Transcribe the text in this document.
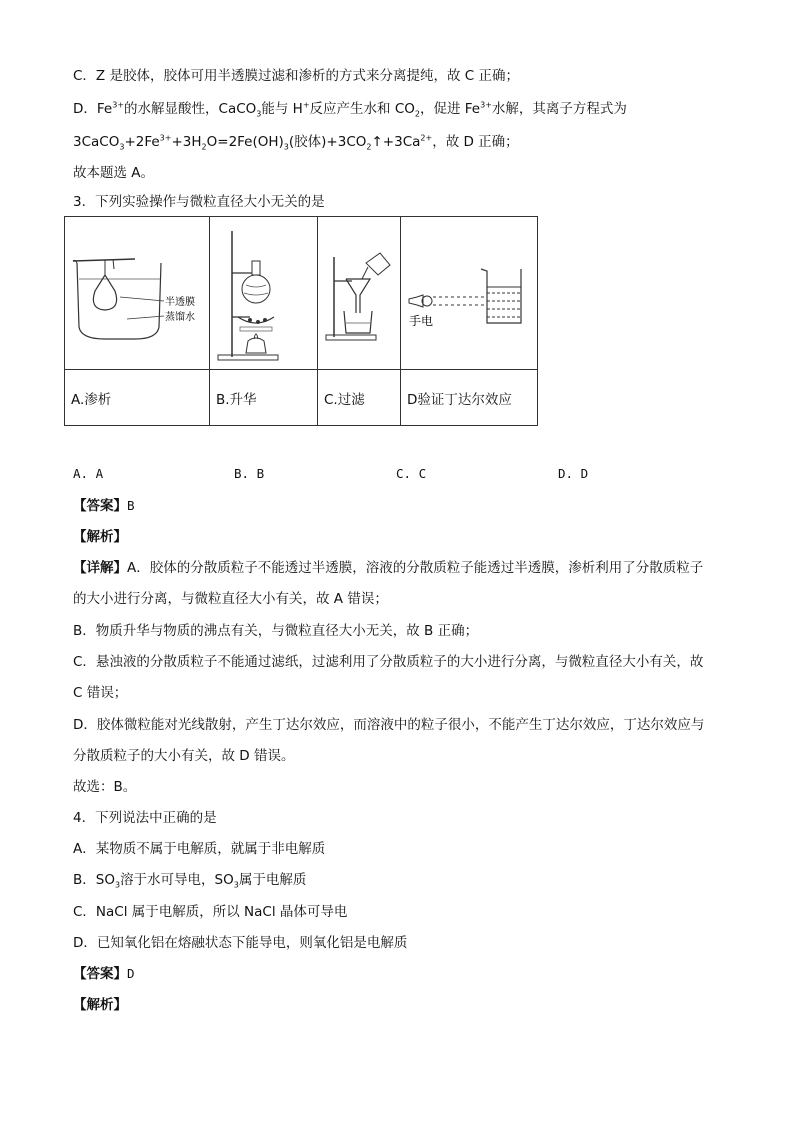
C．Z 是胶体，胶体可用半透膜过滤和渗析的方式来分离提纯，故 C 正确；
D．$Fe^{3+}$的水解显酸性，CaCO$_3$能与 H+反应产生水和 $CO_2$，促进 $Fe^{3+}$水解，其离子方程式为
$3CaCO_3+2Fe^{3+}+3H_2O=2Fe(OH)_3$(胶体)$+3CO_2↑+3Ca^{2+}$，故 D 正确；
故本题选 A。
3．下列实验操作与微粒直径大小无关的是
半透膜
蒸馏水			手电

A.渗析	B.升华	C.过滤	D验证丁达尔效应
A. A	B. B	C. C	D. D
【答案】B
【解析】
【详解】A．胶体的分散质粒子不能透过半透膜，溶液的分散质粒子能透过半透膜，渗析利用了分散质粒子
的大小进行分离，与微粒直径大小有关，故 A 错误；
B．物质升华与物质的沸点有关，与微粒直径大小无关，故 B 正确；
C．悬浊液的分散质粒子不能通过滤纸，过滤利用了分散质粒子的大小进行分离，与微粒直径大小有关，故
C 错误；
D．胶体微粒能对光线散射，产生丁达尔效应，而溶液中的粒子很小，不能产生丁达尔效应，丁达尔效应与
分散质粒子的大小有关，故 D 错误。
故选：B。
4．下列说法中正确的是
A．某物质不属于电解质，就属于非电解质
B．$SO_3$溶于水可导电，$SO_3$属于电解质
C．NaCl 属于电解质，所以 NaCl 晶体可导电
D．已知氧化铝在熔融状态下能导电，则氧化铝是电解质
【答案】D
【解析】
